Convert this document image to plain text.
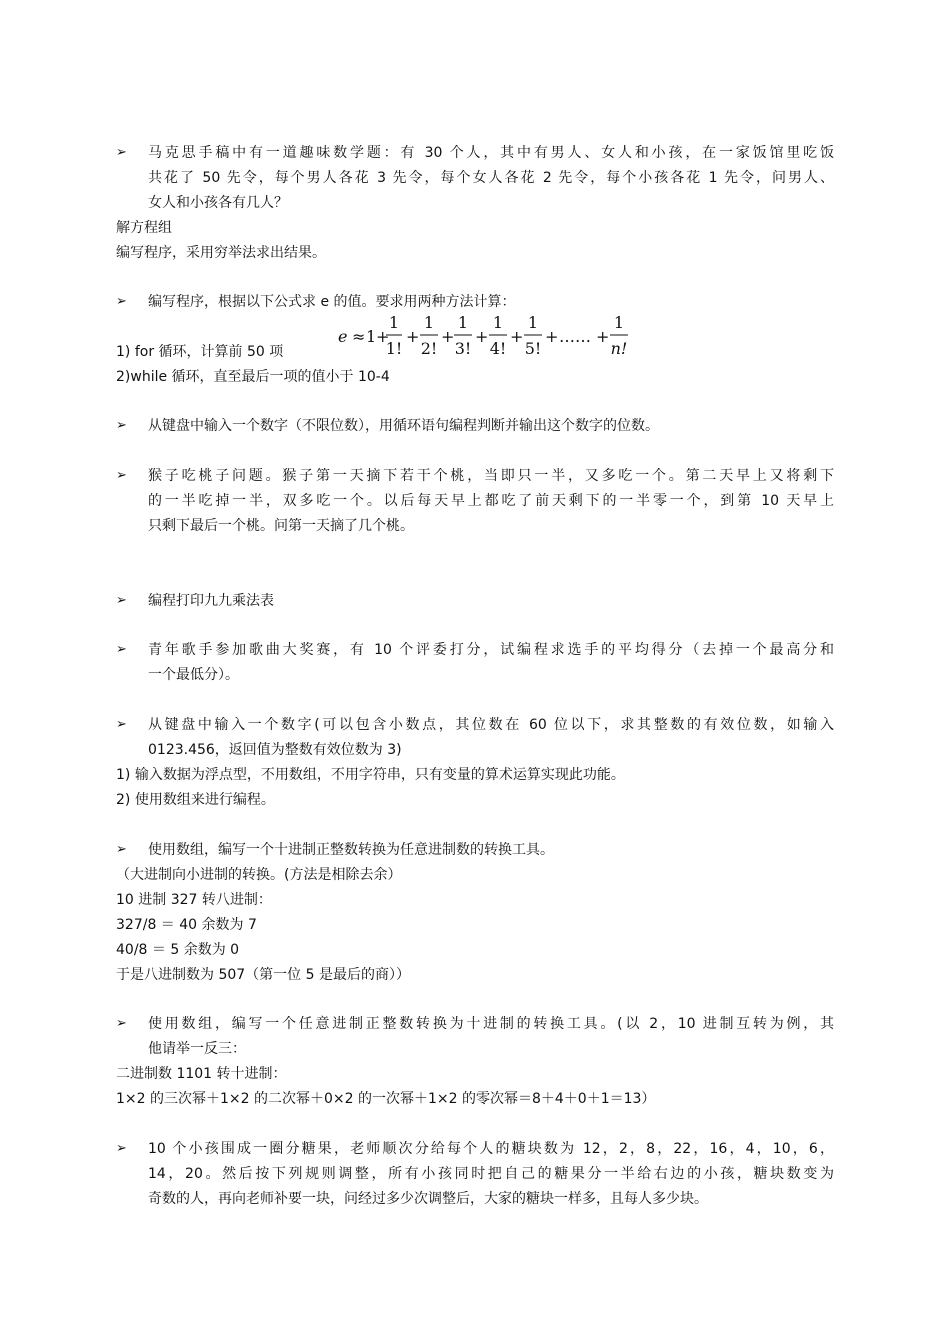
➢ 马克思手稿中有一道趣味数学题：有 30 个人，其中有男人、女人和小孩，在一家饭馆里吃饭
共花了 50 先令，每个男人各花 3 先令，每个女人各花 2 先令，每个小孩各花 1 先令，问男人、
女人和小孩各有几人？
解方程组
编写程序，采用穷举法求出结果。
➢ 编写程序，根据以下公式求 e 的值。要求用两种方法计算：
e ≈ 1 +
1
1!
+
1
2!
+
1
3!
+
1
4!
+
1
5!
+ …… +
1
n!
1) for 循环，计算前 50 项
2)while 循环，直至最后一项的值小于 10-4
➢ 从键盘中输入一个数字（不限位数），用循环语句编程判断并输出这个数字的位数。
➢ 猴子吃桃子问题。猴子第一天摘下若干个桃，当即只一半，又多吃一个。第二天早上又将剩下
的一半吃掉一半，双多吃一个。以后每天早上都吃了前天剩下的一半零一个，到第 10 天早上
只剩下最后一个桃。问第一天摘了几个桃。
➢ 编程打印九九乘法表
➢ 青年歌手参加歌曲大奖赛，有 10 个评委打分，试编程求选手的平均得分（去掉一个最高分和
一个最低分）。
➢ 从键盘中输入一个数字(可以包含小数点，其位数在 60 位以下，求其整数的有效位数，如输入
0123.456，返回值为整数有效位数为 3)
1) 输入数据为浮点型，不用数组，不用字符串，只有变量的算术运算实现此功能。
2) 使用数组来进行编程。
➢ 使用数组，编写一个十进制正整数转换为任意进制数的转换工具。
（大进制向小进制的转换。(方法是相除去余）
10 进制 327 转八进制：
327/8 ＝ 40 余数为 7
40/8 ＝ 5 余数为 0
于是八进制数为 507（第一位 5 是最后的商））
➢ 使用数组，编写一个任意进制正整数转换为十进制的转换工具。(以 2，10 进制互转为例，其
他请举一反三：
二进制数 1101 转十进制：
1×2 的三次幂＋1×2 的二次幂＋0×2 的一次幂＋1×2 的零次幂＝8＋4＋0＋1＝13）
➢ 10 个小孩围成一圈分糖果，老师顺次分给每个人的糖块数为 12，2，8，22，16，4，10，6，
14，20。然后按下列规则调整，所有小孩同时把自己的糖果分一半给右边的小孩，糖块数变为
奇数的人，再向老师补要一块，问经过多少次调整后，大家的糖块一样多，且每人多少块。
